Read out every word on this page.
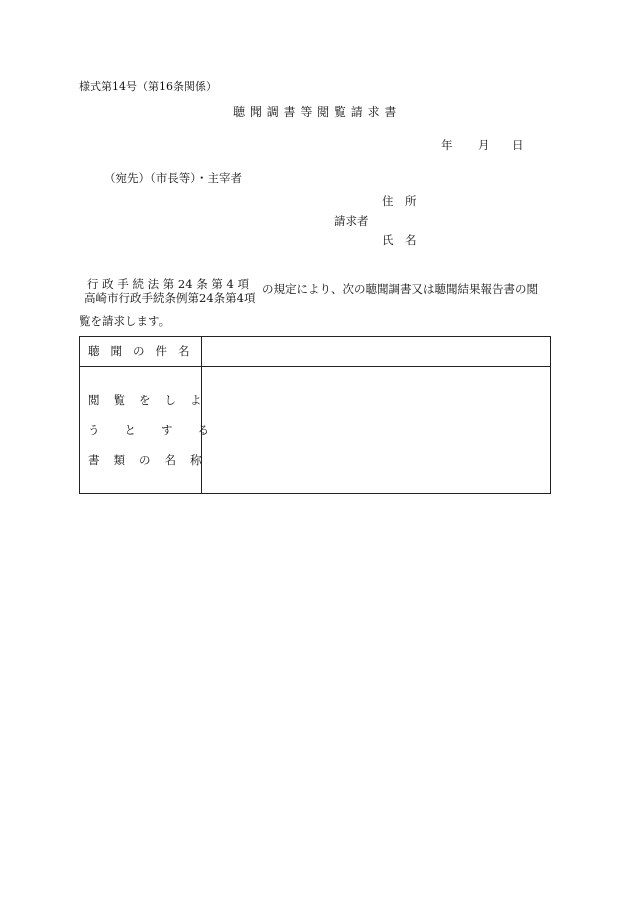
様式第14号（第16条関係）
聴 聞 調 書 等 閲 覧 請 求 書
年 月 日
（宛先）（市長等）・主宰者
住　所
請求者
氏　名
行 政 手 続 法 第 24 条 第 4 項
高崎市行政手続条例第24条第4項
の規定により、次の聴聞調書又は聴聞結果報告書の閲
覧を請求します。
聴聞の件名
閲覧をしよ
うとする
書類の名称
